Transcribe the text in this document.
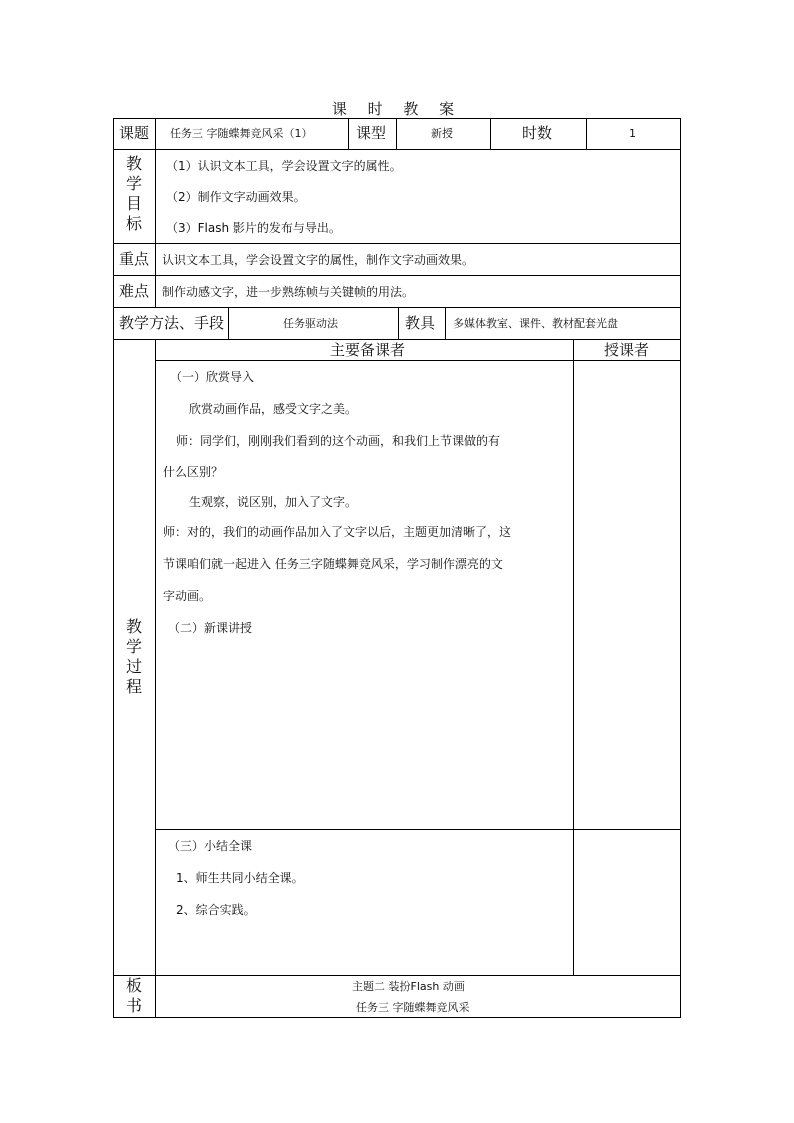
课 时 教 案
课题 任务三 字随蝶舞竞风采（1）	课型	新授	时数	1
教
学
目
标
（1）认识文本工具，学会设置文字的属性。
（2）制作文字动画效果。
（3）Flash 影片的发布与导出。
重点 认识文本工具，学会设置文字的属性，制作文字动画效果。
难点 制作动感文字，进一步熟练帧与关键帧的用法。
教学方法、手段	任务驱动法	教具 多媒体教室、课件、教材配套光盘
教
学
过
程
主要备课者	授课者
（一）欣赏导入
欣赏动画作品，感受文字之美。
师：同学们，刚刚我们看到的这个动画，和我们上节课做的有
什么区别？
生观察，说区别，加入了文字。
师：对的，我们的动画作品加入了文字以后，主题更加清晰了，这
节课咱们就一起进入 任务三字随蝶舞竞风采，学习制作漂亮的文
字动画。
（二）新课讲授
（三）小结全课
1、师生共同小结全课。
2、综合实践。
板
书
主题二 装扮Flash 动画
任务三 字随蝶舞竞风采
